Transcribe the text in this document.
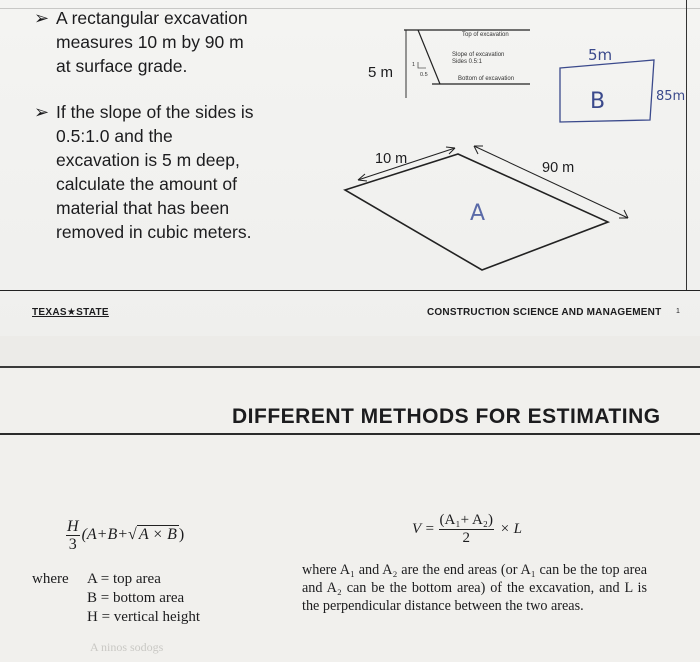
➢ A rectangular excavation
measures 10 m by 90 m
at surface grade.
➢ If the slope of the sides is
0.5:1.0 and the
excavation is 5 m deep,
calculate the amount of
material that has been
removed in cubic meters.
5 m	1
0.5
Top of excavation
Slope of excavation
Sides 0.5:1
Bottom of excavation
10 m
90 m
A
5m
B	85m
TEXAS★STATE	CONSTRUCTION SCIENCE AND MANAGEMENT 1
DIFFERENT METHODS FOR ESTIMATING
$\frac{H}{3} (A+B+√$ A × B )
where A = top area
B = bottom area
H = vertical height
$V = \frac{\text{(A₁+ A₂)}}{2} \times L$
where A₁ and A₂ are the end areas (or A₁ can be the top area and A₂ can be the bottom area) of the excavation, and L is the perpendicular distance between the two areas.
A ninos sodogs
